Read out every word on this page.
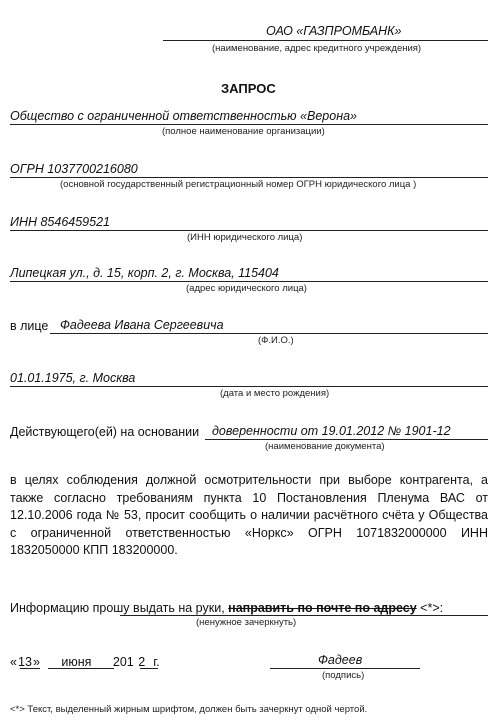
ОАО «ГАЗПРОМБАНК»
(наименование, адрес кредитного учреждения)
ЗАПРОС
Общество с ограниченной ответственностью «Верона»
(полное наименование организации)
ОГРН 1037700216080
(основной государственный регистрационный номер ОГРН юридического лица )
ИНН 8546459521
(ИНН юридического лица)
Липецкая ул., д. 15, корп. 2, г. Москва, 115404
(адрес юридического лица)
в лице Фадеева Ивана Сергеевича
(Ф.И.О.)
01.01.1975, г. Москва
(дата и место рождения)
Действующего(ей) на основании доверенности от 19.01.2012 № 1901-12
(наименование документа)
в целях соблюдения должной осмотрительности при выборе контрагента, а также согласно требованиям пункта 10 Постановления Пленума ВАС от 12.10.2006 года № 53, просит сообщить о наличии расчётного счёта у Общества с ограниченной ответственностью «Норкс» ОГРН 1071832000000 ИНН 1832050000 КПП 183200000.
Информацию прошу выдать на руки, направить по почте по адресу <*>:
(ненужное зачеркнуть)
«13» июня 201 2 г.	Фадеев
(подпись)
<*> Текст, выделенный жирным шрифтом, должен быть зачеркнут одной чертой.
